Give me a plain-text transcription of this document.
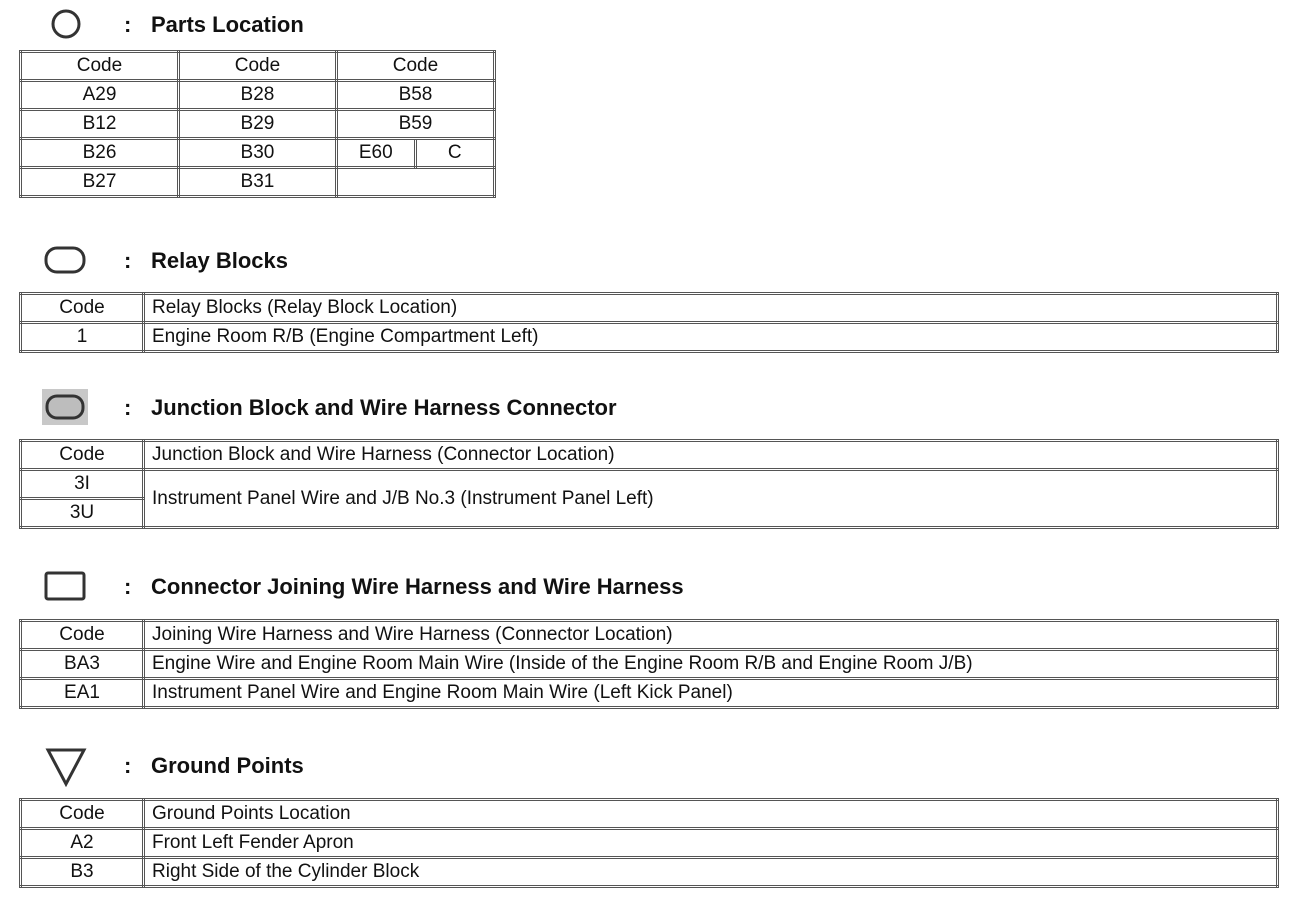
: Parts Location
Code	Code	Code	
A29	B28	B58	
B12	B29	B59	
B26	B30	E60	C
B27	B31		
: Relay Blocks
Code	Relay Blocks (Relay Block Location)
1	Engine Room R/B (Engine Compartment Left)
: Junction Block and Wire Harness Connector
Code	Junction Block and Wire Harness (Connector Location)
3I	Instrument Panel Wire and J/B No.3 (Instrument Panel Left)
3U	
: Connector Joining Wire Harness and Wire Harness
Code	Joining Wire Harness and Wire Harness (Connector Location)
BA3	Engine Wire and Engine Room Main Wire (Inside of the Engine Room R/B and Engine Room J/B)
EA1	Instrument Panel Wire and Engine Room Main Wire (Left Kick Panel)
: Ground Points
Code	Ground Points Location
A2	Front Left Fender Apron
B3	Right Side of the Cylinder Block
